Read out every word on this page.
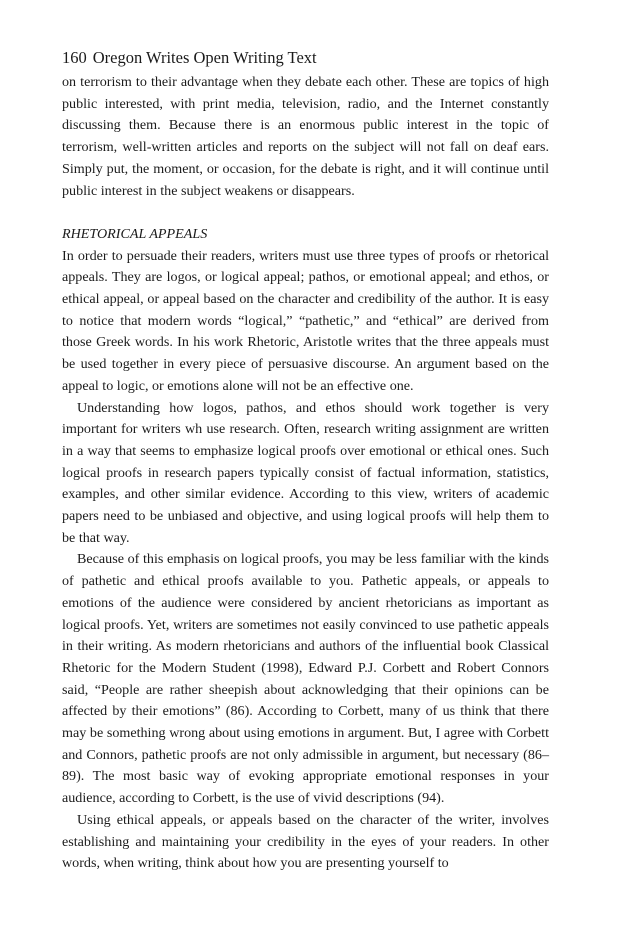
160 Oregon Writes Open Writing Text

on terrorism to their advantage when they debate each other. These are topics of high public interested, with print media, television, radio, and the Internet constantly discussing them. Because there is an enormous public interest in the topic of terrorism, well-written articles and reports on the subject will not fall on deaf ears. Simply put, the moment, or occasion, for the debate is right, and it will continue until public interest in the subject weakens or disappears.

RHETORICAL APPEALS

In order to persuade their readers, writers must use three types of proofs or rhetorical appeals. They are logos, or logical appeal; pathos, or emotional appeal; and ethos, or ethical appeal, or appeal based on the character and credibility of the author. It is easy to notice that modern words “logical,” “pathetic,” and “ethical” are derived from those Greek words. In his work Rhetoric, Aristotle writes that the three appeals must be used together in every piece of persuasive discourse. An argument based on the appeal to logic, or emotions alone will not be an effective one.

Understanding how logos, pathos, and ethos should work together is very important for writers wh use research. Often, research writing assignment are written in a way that seems to emphasize logical proofs over emotional or ethical ones. Such logical proofs in research papers typically consist of factual information, statistics, examples, and other similar evidence. According to this view, writers of academic papers need to be unbiased and objective, and using logical proofs will help them to be that way.

Because of this emphasis on logical proofs, you may be less familiar with the kinds of pathetic and ethical proofs available to you. Pathetic appeals, or appeals to emotions of the audience were considered by ancient rhetoricians as important as logical proofs. Yet, writers are sometimes not easily convinced to use pathetic appeals in their writing. As modern rhetoricians and authors of the influential book Classical Rhetoric for the Modern Student (1998), Edward P.J. Corbett and Robert Connors said, “People are rather sheepish about acknowledging that their opinions can be affected by their emotions” (86). According to Corbett, many of us think that there may be something wrong about using emotions in argument. But, I agree with Corbett and Connors, pathetic proofs are not only admissible in argument, but necessary (86–89). The most basic way of evoking appropriate emotional responses in your audience, according to Corbett, is the use of vivid descriptions (94).

Using ethical appeals, or appeals based on the character of the writer, involves establishing and maintaining your credibility in the eyes of your readers. In other words, when writing, think about how you are presenting yourself to
